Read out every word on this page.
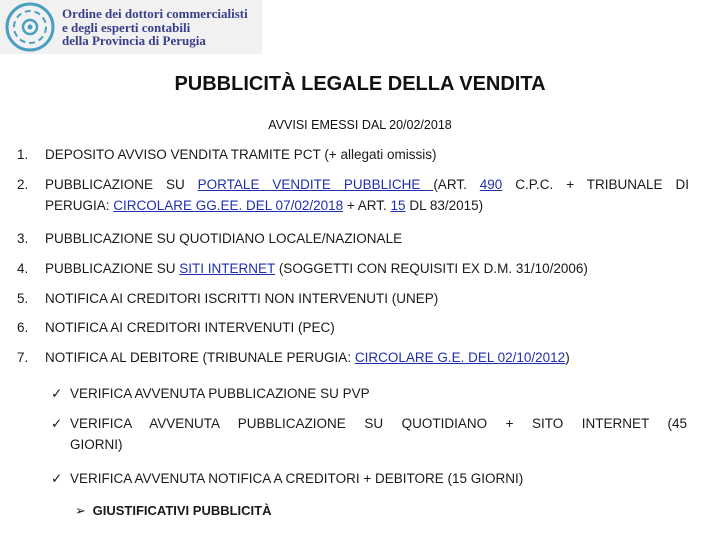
Ordine dei dottori commercialisti
e degli esperti contabili
della Provincia di Perugia
PUBBLICITÀ LEGALE DELLA VENDITA
AVVISI EMESSI DAL 20/02/2018
1. DEPOSITO AVVISO VENDITA TRAMITE PCT (+ allegati omissis)
2. PUBBLICAZIONE SU PORTALE VENDITE PUBBLICHE (ART. 490 C.P.C. + TRIBUNALE DI
PERUGIA: CIRCOLARE GG.EE. DEL 07/02/2018 + ART. 15 DL 83/2015)
3. PUBBLICAZIONE SU QUOTIDIANO LOCALE/NAZIONALE
4. PUBBLICAZIONE SU SITI INTERNET (SOGGETTI CON REQUISITI EX D.M. 31/10/2006)
5. NOTIFICA AI CREDITORI ISCRITTI NON INTERVENUTI (UNEP)
6. NOTIFICA AI CREDITORI INTERVENUTI (PEC)
7. NOTIFICA AL DEBITORE (TRIBUNALE PERUGIA: CIRCOLARE G.E. DEL 02/10/2012)
✓ VERIFICA AVVENUTA PUBBLICAZIONE SU PVP
✓ VERIFICA AVVENUTA PUBBLICAZIONE SU QUOTIDIANO + SITO INTERNET (45
GIORNI)
✓ VERIFICA AVVENUTA NOTIFICA A CREDITORI + DEBITORE (15 GIORNI)
➢ GIUSTIFICATIVI PUBBLICITÀ
